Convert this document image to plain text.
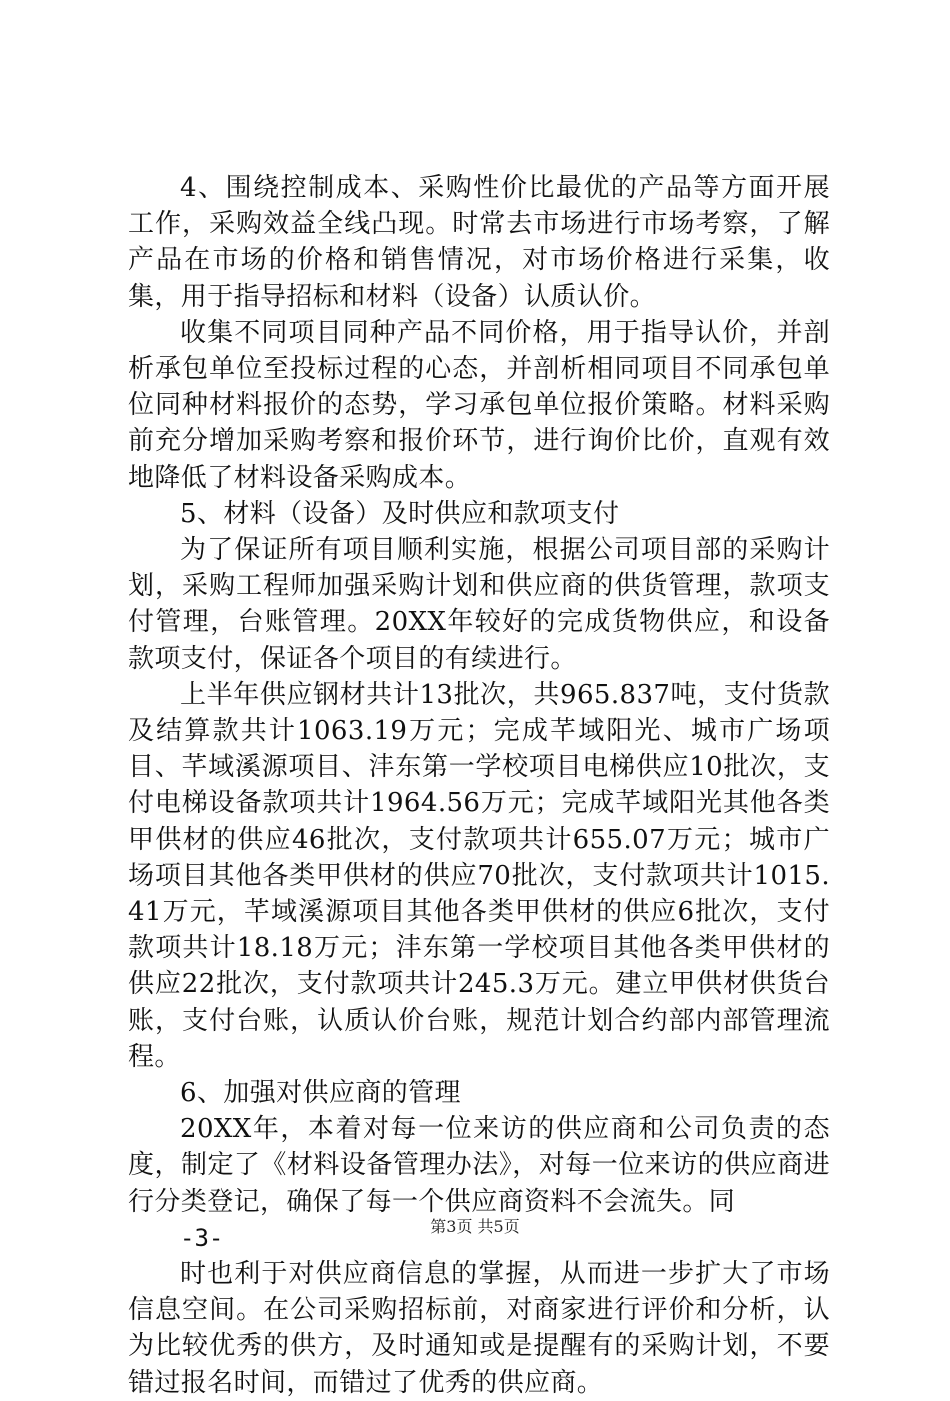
4、围绕控制成本、采购性价比最优的产品等方面开展工作，采购效益全线凸现。时常去市场进行市场考察，了解产品在市场的价格和销售情况，对市场价格进行采集，收集，用于指导招标和材料（设备）认质认价。

收集不同项目同种产品不同价格，用于指导认价，并剖析承包单位至投标过程的心态，并剖析相同项目不同承包单位同种材料报价的态势，学习承包单位报价策略。材料采购前充分增加采购考察和报价环节，进行询价比价，直观有效地降低了材料设备采购成本。

5、材料（设备）及时供应和款项支付

为了保证所有项目顺利实施，根据公司项目部的采购计划，采购工程师加强采购计划和供应商的供货管理，款项支付管理，台账管理。20XX年较好的完成货物供应，和设备款项支付，保证各个项目的有续进行。

上半年供应钢材共计13批次，共965.837吨，支付货款及结算款共计1063.19万元；完成芊域阳光、城市广场项目、芊域溪源项目、沣东第一学校项目电梯供应10批次，支付电梯设备款项共计1964.56万元；完成芊域阳光其他各类甲供材的供应46批次，支付款项共计655.07万元；城市广场项目其他各类甲供材的供应70批次，支付款项共计1015.41万元，芊域溪源项目其他各类甲供材的供应6批次，支付款项共计18.18万元；沣东第一学校项目其他各类甲供材的供应22批次，支付款项共计245.3万元。建立甲供材供货台账，支付台账，认质认价台账，规范计划合约部内部管理流程。

6、加强对供应商的管理

20XX年，本着对每一位来访的供应商和公司负责的态度，制定了《材料设备管理办法》，对每一位来访的供应商进行分类登记，确保了每一个供应商资料不会流失。同

-3-

时也利于对供应商信息的掌握，从而进一步扩大了市场信息空间。在公司采购招标前，对商家进行评价和分析，认为比较优秀的供方，及时通知或是提醒有的采购计划，不要错过报名时间，而错过了优秀的供应商。

第3页 共5页
